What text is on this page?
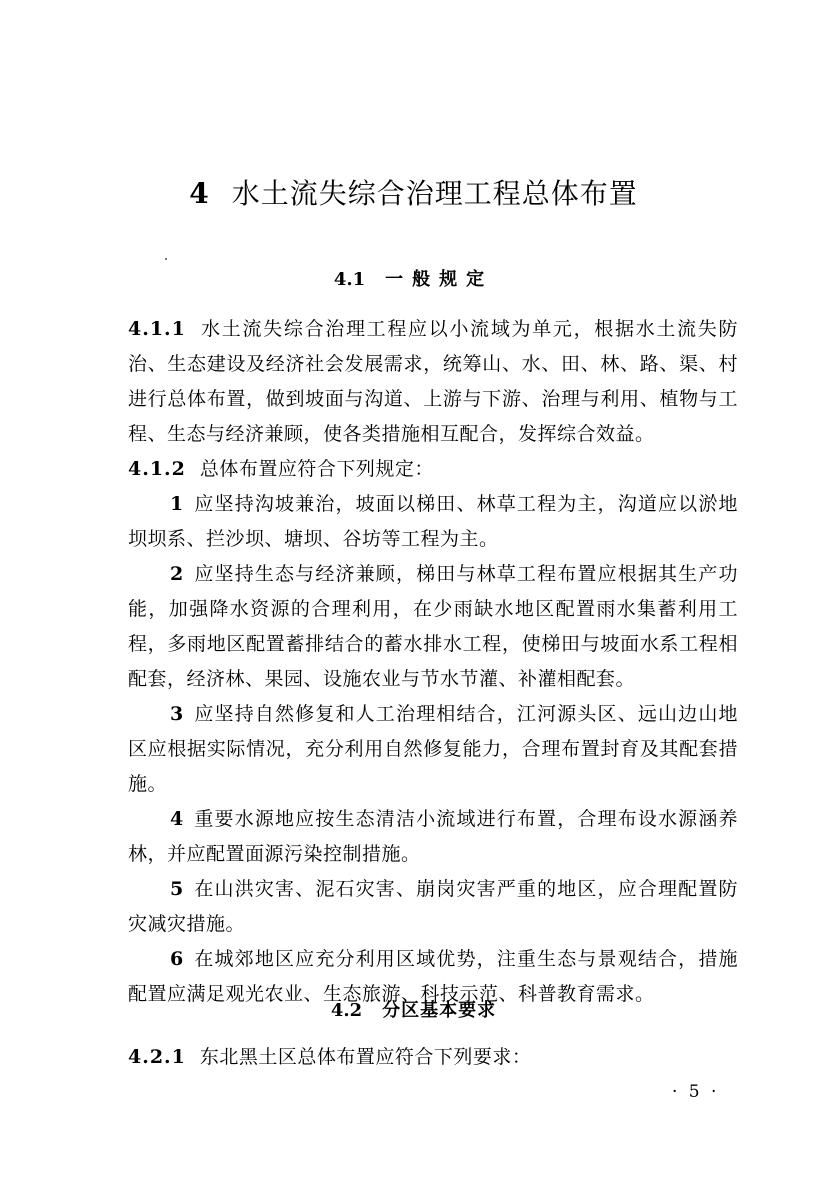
4 水土流失综合治理工程总体布置
4.1 一般规定
4.1.1 水土流失综合治理工程应以小流域为单元，根据水土流失防治、生态建设及经济社会发展需求，统筹山、水、田、林、路、渠、村进行总体布置，做到坡面与沟道、上游与下游、治理与利用、植物与工程、生态与经济兼顾，使各类措施相互配合，发挥综合效益。
4.1.2 总体布置应符合下列规定：
1 应坚持沟坡兼治，坡面以梯田、林草工程为主，沟道应以淤地坝坝系、拦沙坝、塘坝、谷坊等工程为主。
2 应坚持生态与经济兼顾，梯田与林草工程布置应根据其生产功能，加强降水资源的合理利用，在少雨缺水地区配置雨水集蓄利用工程，多雨地区配置蓄排结合的蓄水排水工程，使梯田与坡面水系工程相配套，经济林、果园、设施农业与节水节灌、补灌相配套。
3 应坚持自然修复和人工治理相结合，江河源头区、远山边山地区应根据实际情况，充分利用自然修复能力，合理布置封育及其配套措施。
4 重要水源地应按生态清洁小流域进行布置，合理布设水源涵养林，并应配置面源污染控制措施。
5 在山洪灾害、泥石灾害、崩岗灾害严重的地区，应合理配置防灾减灾措施。
6 在城郊地区应充分利用区域优势，注重生态与景观结合，措施配置应满足观光农业、生态旅游、科技示范、科普教育需求。
4.2 分区基本要求
4.2.1 东北黑土区总体布置应符合下列要求：
· 5 ·
